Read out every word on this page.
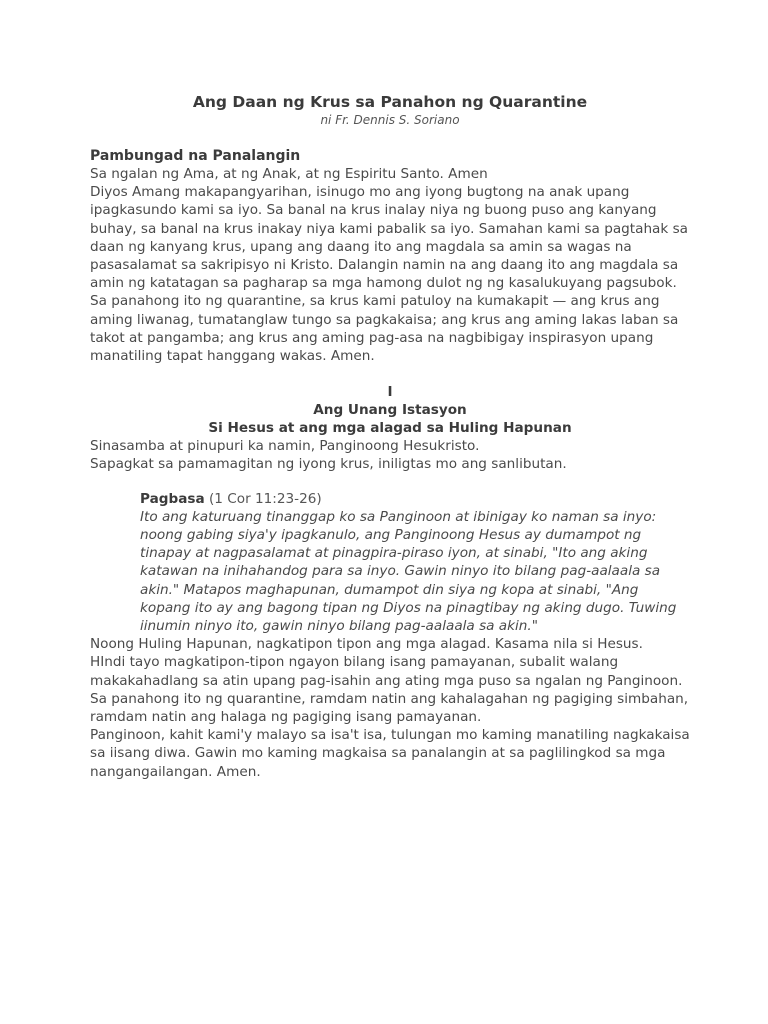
Ang Daan ng Krus sa Panahon ng Quarantine
ni Fr. Dennis S. Soriano
Pambungad na Panalangin

Sa ngalan ng Ama, at ng Anak, at ng Espiritu Santo. Amen

Diyos Amang makapangyarihan, isinugo mo ang iyong bugtong na anak upang ipagkasundo kami sa iyo. Sa banal na krus inalay niya ng buong puso ang kanyang buhay, sa banal na krus inakay niya kami pabalik sa iyo. Samahan kami sa pagtahak sa daan ng kanyang krus, upang ang daang ito ang magdala sa amin sa wagas na pasasalamat sa sakripisyo ni Kristo. Dalangin namin na ang daang ito ang magdala sa amin ng katatagan sa pagharap sa mga hamong dulot ng ng kasalukuyang pagsubok.

Sa panahong ito ng quarantine, sa krus kami patuloy na kumakapit — ang krus ang aming liwanag, tumatanglaw tungo sa pagkakaisa; ang krus ang aming lakas laban sa takot at pangamba; ang krus ang aming pag-asa na nagbibigay inspirasyon upang manatiling tapat hanggang wakas. Amen.

I
Ang Unang Istasyon
Si Hesus at ang mga alagad sa Huling Hapunan

Sinasamba at pinupuri ka namin, Panginoong Hesukristo.

Sapagkat sa pamamagitan ng iyong krus, iniligtas mo ang sanlibutan.

Pagbasa (1 Cor 11:23-26)

Ito ang katuruang tinanggap ko sa Panginoon at ibinigay ko naman sa inyo: noong gabing siya'y ipagkanulo, ang Panginoong Hesus ay dumampot ng tinapay at nagpasalamat at pinagpira-piraso iyon, at sinabi, "Ito ang aking katawan na inihahandog para sa inyo. Gawin ninyo ito bilang pag-aalaala sa akin." Matapos maghapunan, dumampot din siya ng kopa at sinabi, "Ang kopang ito ay ang bagong tipan ng Diyos na pinagtibay ng aking dugo. Tuwing iinumin ninyo ito, gawin ninyo bilang pag-aalaala sa akin."

Noong Huling Hapunan, nagkatipon tipon ang mga alagad. Kasama nila si Hesus.

HIndi tayo magkatipon-tipon ngayon bilang isang pamayanan, subalit walang makakahadlang sa atin upang pag-isahin ang ating mga puso sa ngalan ng Panginoon. Sa panahong ito ng quarantine, ramdam natin ang kahalagahan ng pagiging simbahan, ramdam natin ang halaga ng pagiging isang pamayanan.

Panginoon, kahit kami'y malayo sa isa't isa, tulungan mo kaming manatiling nagkakaisa sa iisang diwa. Gawin mo kaming magkaisa sa panalangin at sa paglilingkod sa mga nangangailangan. Amen.
